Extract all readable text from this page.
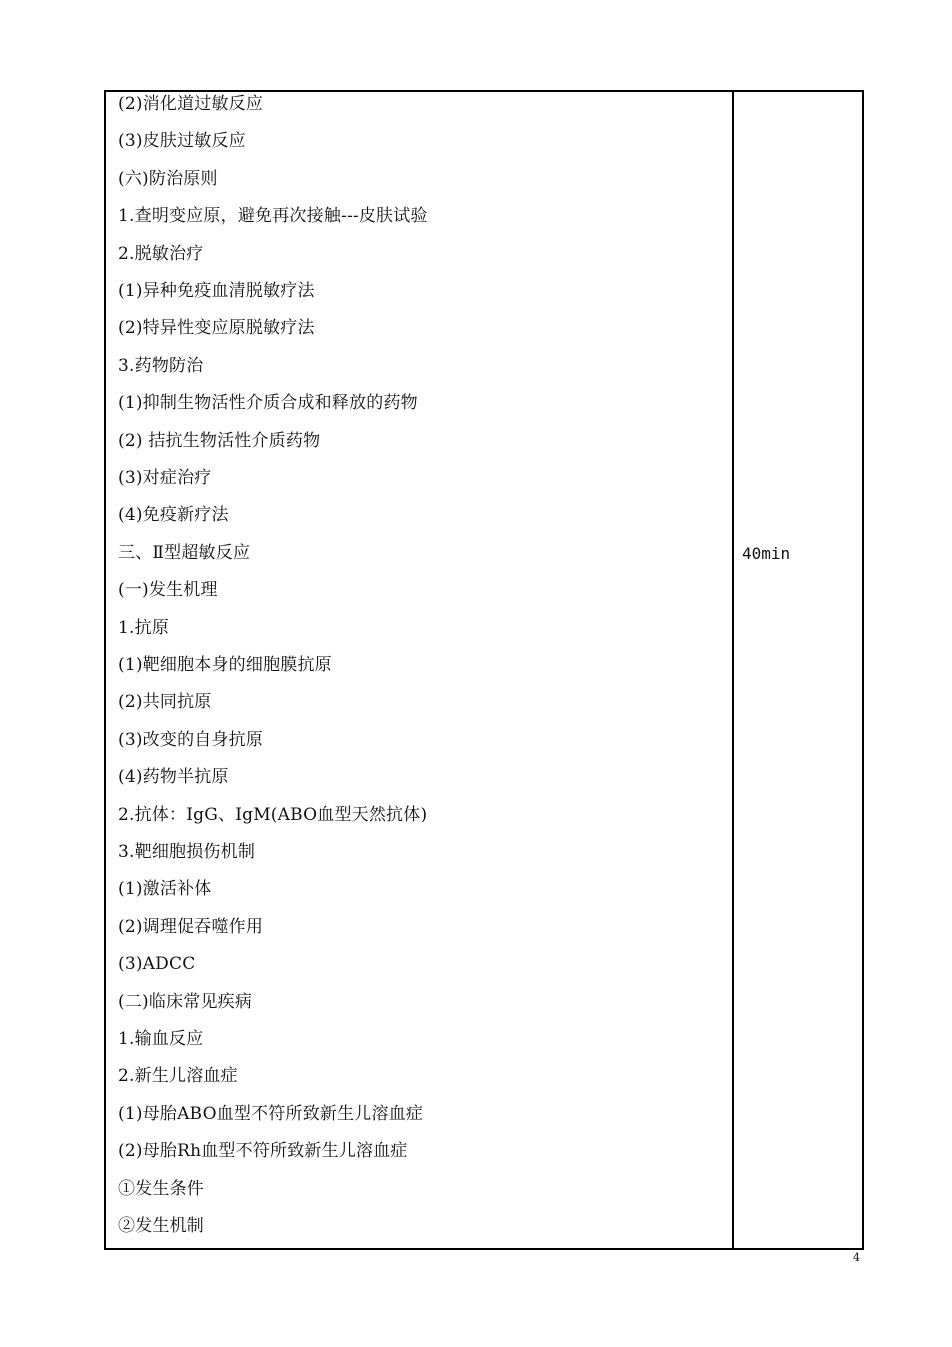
(2)消化道过敏反应
(3)皮肤过敏反应
(六)防治原则
1.查明变应原，避免再次接触---皮肤试验
2.脱敏治疗
(1)异种免疫血清脱敏疗法
(2)特异性变应原脱敏疗法
3.药物防治
(1)抑制生物活性介质合成和释放的药物
(2) 拮抗生物活性介质药物
(3)对症治疗
(4)免疫新疗法
三、Ⅱ型超敏反应
(一)发生机理
1.抗原
(1)靶细胞本身的细胞膜抗原
(2)共同抗原
(3)改变的自身抗原
(4)药物半抗原
2.抗体：IgG、IgM(ABO血型天然抗体)
3.靶细胞损伤机制
(1)激活补体
(2)调理促吞噬作用
(3)ADCC
(二)临床常见疾病
1.输血反应
2.新生儿溶血症
(1)母胎ABO血型不符所致新生儿溶血症
(2)母胎Rh血型不符所致新生儿溶血症
①发生条件
②发生机制
40min
4
